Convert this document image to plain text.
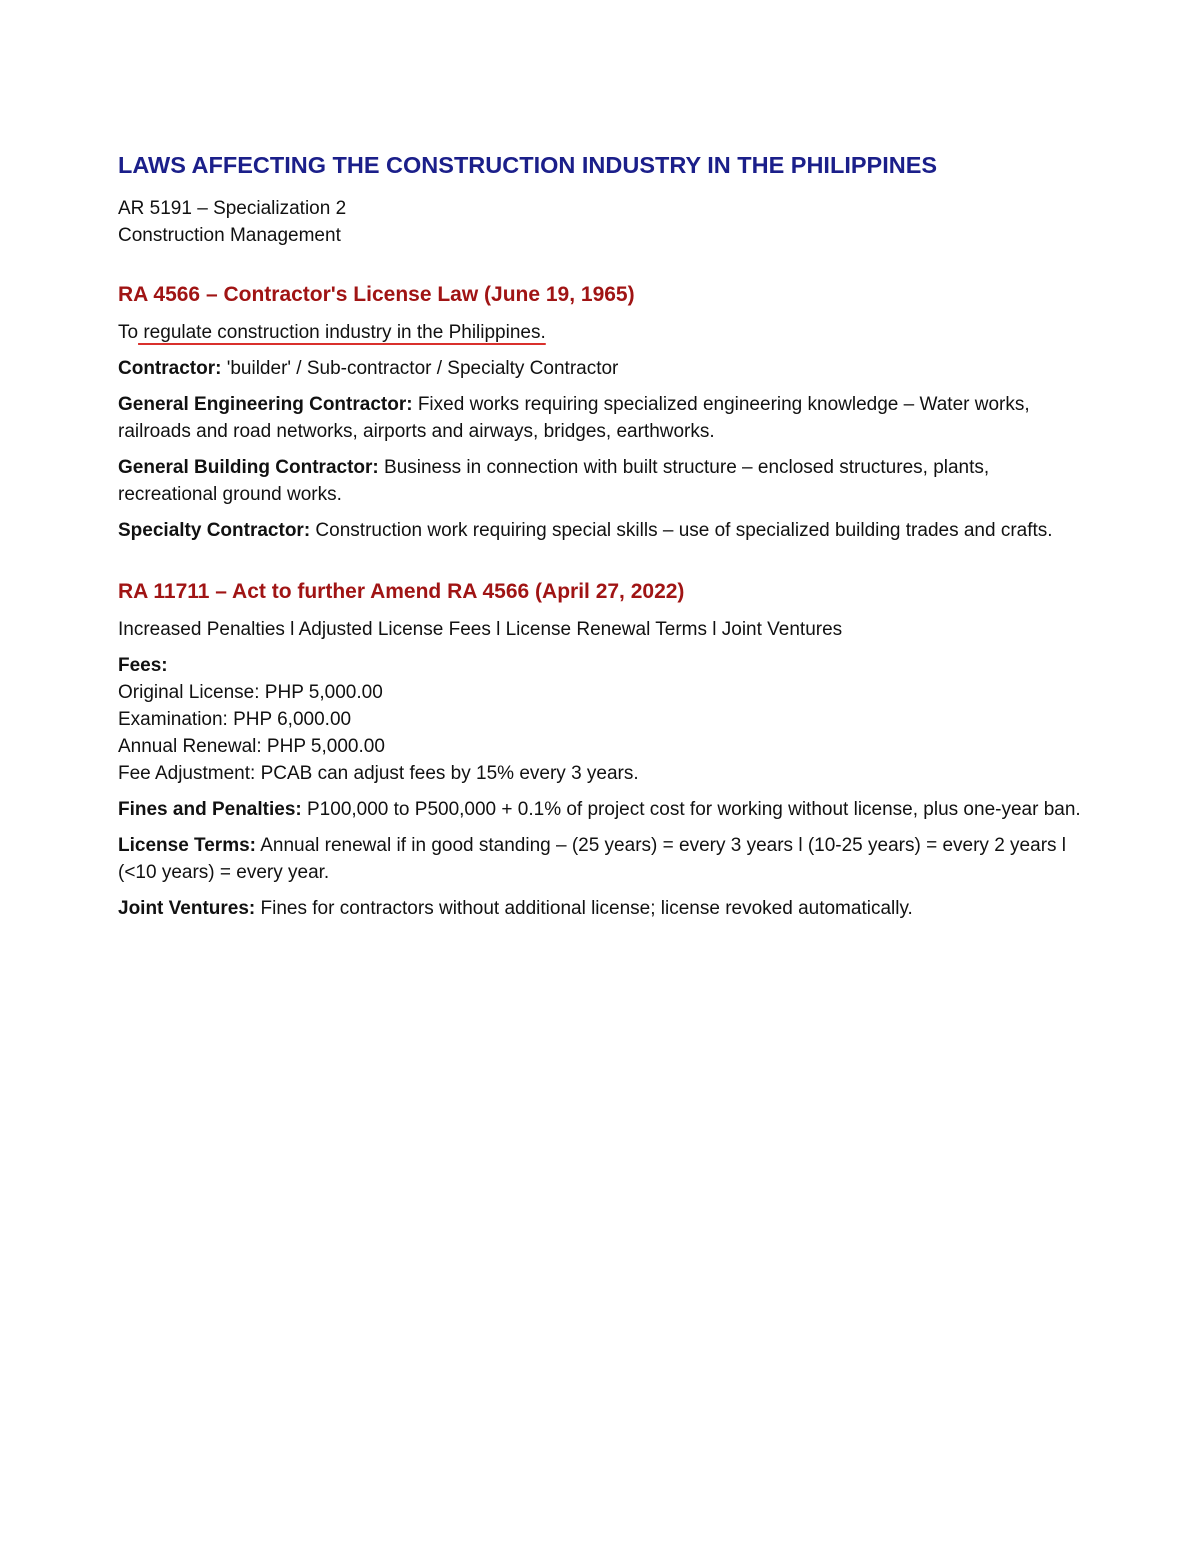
LAWS AFFECTING THE CONSTRUCTION INDUSTRY IN THE PHILIPPINES

AR 5191 – Specialization 2

Construction Management

RA 4566 – Contractor's License Law (June 19, 1965)

To regulate construction industry in the Philippines.

Contractor: 'builder' / Sub-contractor / Specialty Contractor

General Engineering Contractor: Fixed works requiring specialized engineering knowledge – Water works, railroads and road networks, airports and airways, bridges, earthworks.

General Building Contractor: Business in connection with built structure – enclosed structures, plants, recreational ground works.

Specialty Contractor: Construction work requiring special skills – use of specialized building trades and crafts.

RA 11711 – Act to further Amend RA 4566 (April 27, 2022)

Increased Penalties l Adjusted License Fees l License Renewal Terms l Joint Ventures

Fees:

Original License: PHP 5,000.00

Examination: PHP 6,000.00

Annual Renewal: PHP 5,000.00

Fee Adjustment: PCAB can adjust fees by 15% every 3 years.

Fines and Penalties: P100,000 to P500,000 + 0.1% of project cost for working without license, plus one-year ban.

License Terms: Annual renewal if in good standing – (25 years) = every 3 years l (10-25 years) = every 2 years l (<10 years) = every year.

Joint Ventures: Fines for contractors without additional license; license revoked automatically.
